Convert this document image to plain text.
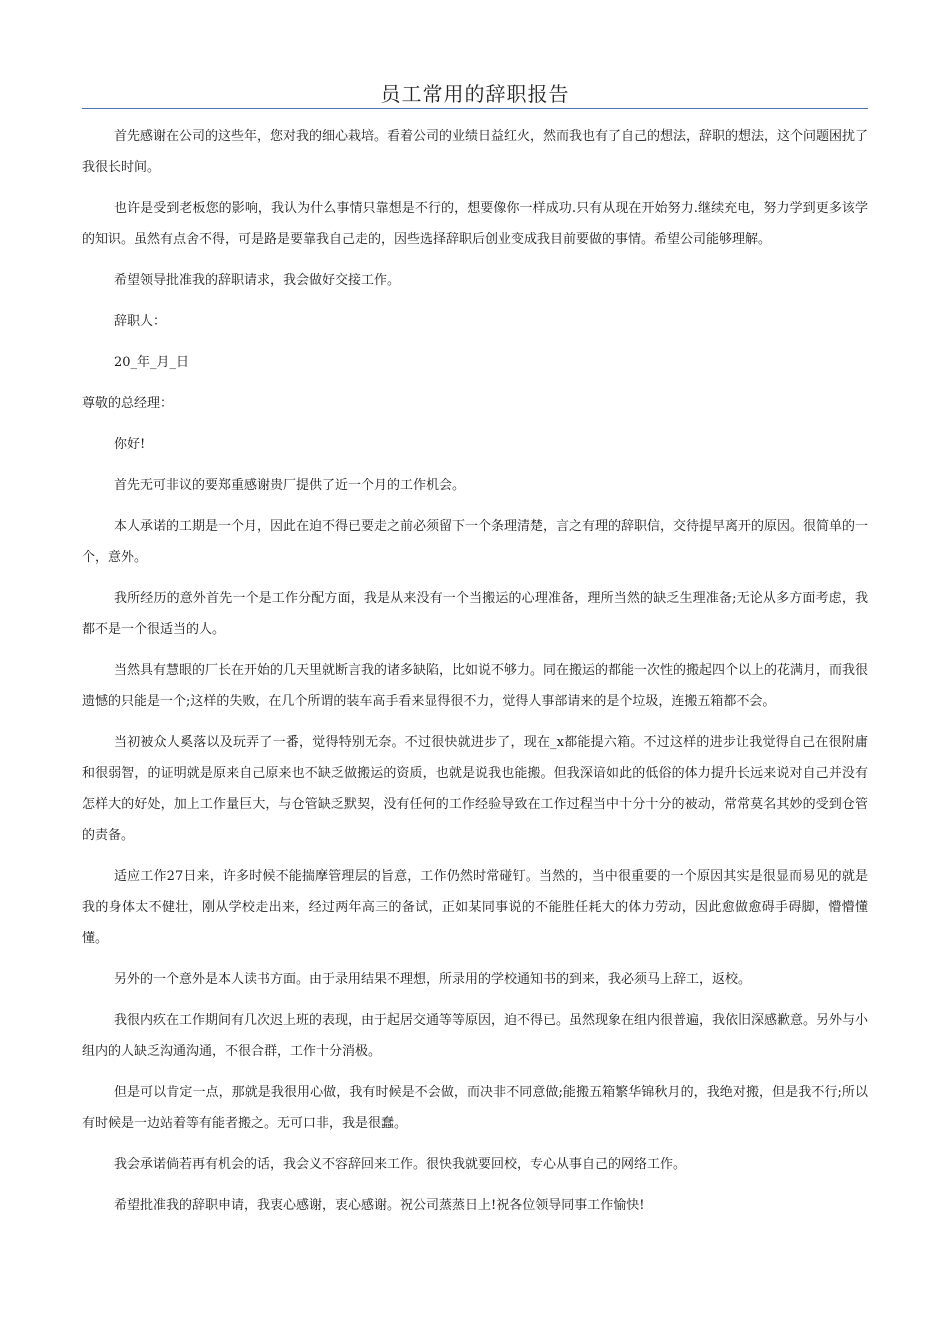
员工常用的辞职报告

首先感谢在公司的这些年，您对我的细心栽培。看着公司的业绩日益红火，然而我也有了自己的想法，辞职的想法，这个问题困扰了我很长时间。

也许是受到老板您的影响，我认为什么事情只靠想是不行的，想要像你一样成功.只有从现在开始努力.继续充电，努力学到更多该学的知识。虽然有点舍不得，可是路是要靠我自己走的，因些选择辞职后创业变成我目前要做的事情。希望公司能够理解。

希望领导批准我的辞职请求，我会做好交接工作。

辞职人：

20_年_月_日

尊敬的总经理：

你好!

首先无可非议的要郑重感谢贵厂提供了近一个月的工作机会。

本人承诺的工期是一个月，因此在迫不得已要走之前必须留下一个条理清楚，言之有理的辞职信，交待提早离开的原因。很简单的一个，意外。

我所经历的意外首先一个是工作分配方面，我是从来没有一个当搬运的心理准备，理所当然的缺乏生理准备;无论从多方面考虑，我都不是一个很适当的人。

当然具有慧眼的厂长在开始的几天里就断言我的诸多缺陷，比如说不够力。同在搬运的都能一次性的搬起四个以上的花满月，而我很遗憾的只能是一个;这样的失败，在几个所谓的装车高手看来显得很不力，觉得人事部请来的是个垃圾，连搬五箱都不会。

当初被众人奚落以及玩弄了一番，觉得特别无奈。不过很快就进步了，现在_x都能提六箱。不过这样的进步让我觉得自己在很附庸和很弱智，的证明就是原来自己原来也不缺乏做搬运的资质，也就是说我也能搬。但我深谙如此的低俗的体力提升长远来说对自己并没有怎样大的好处，加上工作量巨大，与仓管缺乏默契，没有任何的工作经验导致在工作过程当中十分十分的被动，常常莫名其妙的受到仓管的责备。

适应工作27日来，许多时候不能揣摩管理层的旨意，工作仍然时常碰钉。当然的，当中很重要的一个原因其实是很显而易见的就是我的身体太不健壮，刚从学校走出来，经过两年高三的备试，正如某同事说的不能胜任耗大的体力劳动，因此愈做愈碍手碍脚，懵懵懂懂。

另外的一个意外是本人读书方面。由于录用结果不理想，所录用的学校通知书的到来，我必须马上辞工，返校。

我很内疚在工作期间有几次迟上班的表现，由于起居交通等等原因，迫不得已。虽然现象在组内很普遍，我依旧深感歉意。另外与小组内的人缺乏沟通沟通，不很合群，工作十分消极。

但是可以肯定一点，那就是我很用心做，我有时候是不会做，而决非不同意做;能搬五箱繁华锦秋月的，我绝对搬，但是我不行;所以有时候是一边站着等有能者搬之。无可口非，我是很蠢。

我会承诺倘若再有机会的话，我会义不容辞回来工作。很快我就要回校，专心从事自己的网络工作。

希望批准我的辞职申请，我衷心感谢，衷心感谢。祝公司蒸蒸日上!祝各位领导同事工作愉快!
